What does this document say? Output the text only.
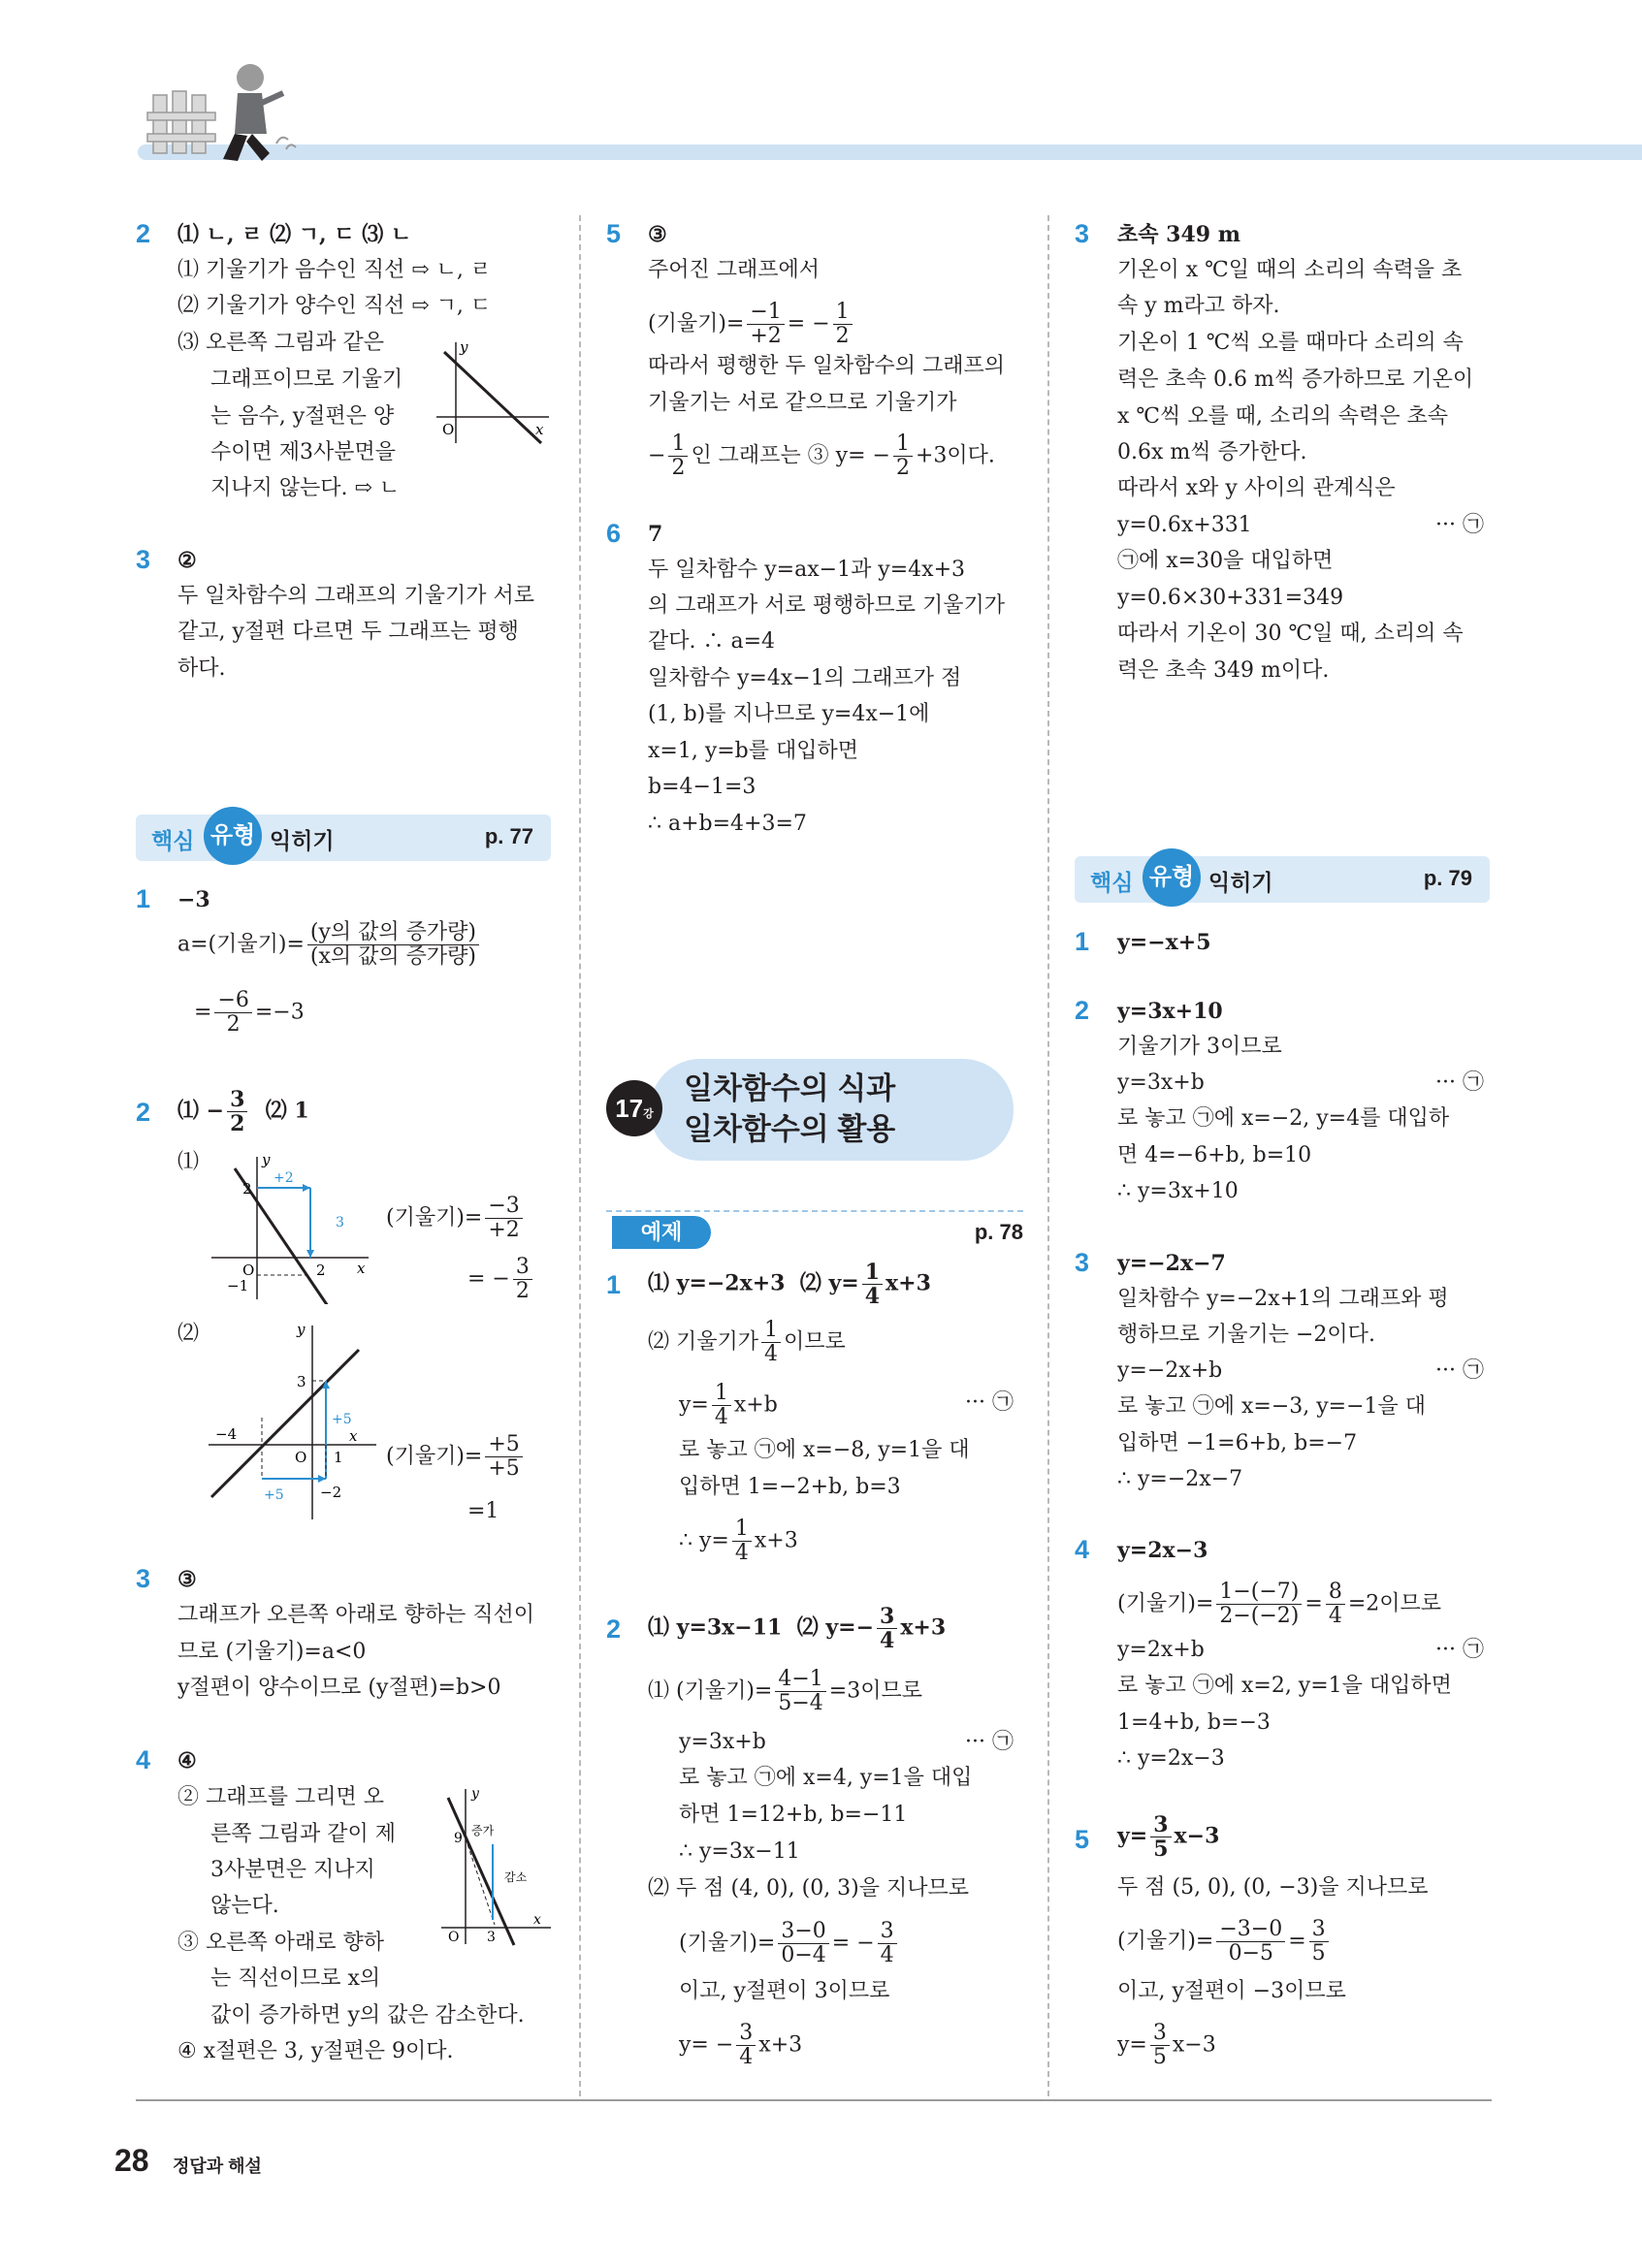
2 ⑴ ㄴ, ㄹ ⑵ ㄱ, ㄷ ⑶ ㄴ
⑴ 기울기가 음수인 직선 ⇨ ㄴ, ㄹ
⑵ 기울기가 양수인 직선 ⇨ ㄱ, ㄷ
⑶ 오른쪽 그림과 같은
그래프이므로 기울기
는 음수, y절편은 양
수이면 제3사분면을
지나지 않는다. ⇨ ㄴ
y
x
O
3 ②
두 일차함수의 그래프의 기울기가 서로
같고, y절편 다르면 두 그래프는 평행
하다.
핵심 유형 익히기	p. 77
1 −3
a=(기울기)= $\frac{\text{(y의 값의 증가량)}}{\text{(x의 값의 증가량)}}$
= $\frac{-6}{2} =-3$
2 ⑴ − $\frac{3}{2}$ ⑵ 1
⑴	y
x
O
+2
3
2
2
−1
(기울기)= $\frac{-3}{+2}$
= − $\frac{3}{2}$
⑵	y
x
O
3
1
−4
−2
+5
+5
(기울기)= $\frac{+5}{+5}$
=1
3 ③
그래프가 오른쪽 아래로 향하는 직선이
므로 (기울기)=a<0
y절편이 양수이므로 (y절편)=b>0
4 ④
② 그래프를 그리면 오
른쪽 그림과 같이 제
3사분면은 지나지
않는다.
③ 오른쪽 아래로 향하
는 직선이므로 x의
값이 증가하면 y의 값은 감소한다.
④ x절편은 3, y절편은 9이다.
y
x
O
9
3
증가
감소
5 ③
주어진 그래프에서
(기울기)= $\frac{-1}{+2}$ = − $\frac{1}{2}$
따라서 평행한 두 일차함수의 그래프의
기울기는 서로 같으므로 기울기가
− $\frac{1}{2}$ 인 그래프는 ③ $y= - \frac{1}{2} +3$이다.
6 7
두 일차함수 y=ax−1과 y=4x+3
의 그래프가 서로 평행하므로 기울기가
같다. ∴ a=4
일차함수 y=4x−1의 그래프가 점
(1, b)를 지나므로 y=4x−1에
x=1, y=b를 대입하면
b=4−1=3
∴ a+b=4+3=7
17강
일차함수의 식과
일차함수의 활용
예제	p. 78
1 ⑴ y=−2x+3 ⑵ $y= \frac{1}{4} x+3$
⑵ 기울기가 $\frac{1}{4}$ 이므로
$y= \frac{1}{4} x+b$	··· ㉠
로 놓고 ㉠에 x=−8, y=1을 대
입하면 1=−2+b, b=3
∴ $y= \frac{1}{4} x+3$
2 ⑴ y=3x−11 ⑵ $y=- \frac{3}{4} x+3$
⑴ (기울기)= $\frac{4-1}{5-4} =3$이므로
y=3x+b	··· ㉠
로 놓고 ㉠에 x=4, y=1을 대입
하면 1=12+b, b=−11
∴ y=3x−11
⑵ 두 점 (4, 0), (0, 3)을 지나므로
(기울기)= $\frac{3-0}{0-4}$ = − $\frac{3}{4}$
이고, y절편이 3이므로
$y= - \frac{3}{4} x+3$
3 초속 349 m
기온이 x ℃일 때의 소리의 속력을 초
속 y m라고 하자.
기온이 1 ℃씩 오를 때마다 소리의 속
력은 초속 0.6 m씩 증가하므로 기온이
x ℃씩 오를 때, 소리의 속력은 초속
0.6x m씩 증가한다.
따라서 x와 y 사이의 관계식은
y=0.6x+331	··· ㉠
㉠에 x=30을 대입하면
y=0.6×30+331=349
따라서 기온이 30 ℃일 때, 소리의 속
력은 초속 349 m이다.
핵심 유형 익히기	p. 79
1 y=−x+5
2 y=3x+10
기울기가 3이므로
y=3x+b	··· ㉠
로 놓고 ㉠에 x=−2, y=4를 대입하
면 4=−6+b, b=10
∴ y=3x+10
3 y=−2x−7
일차함수 y=−2x+1의 그래프와 평
행하므로 기울기는 −2이다.
y=−2x+b	··· ㉠
로 놓고 ㉠에 x=−3, y=−1을 대
입하면 −1=6+b, b=−7
∴ y=−2x−7
4 y=2x−3
(기울기)= $\frac{1-(-7)}{2-(-2)} = \frac{8}{4} =2$이므로
y=2x+b	··· ㉠
로 놓고 ㉠에 x=2, y=1을 대입하면
1=4+b, b=−3
∴ y=2x−3
5 $y= \frac{3}{5} x-3$
두 점 (5, 0), (0, −3)을 지나므로
(기울기)= $\frac{-3-0}{0-5} = \frac{3}{5}$
이고, y절편이 −3이므로
$y= \frac{3}{5} x-3$
28 정답과 해설
